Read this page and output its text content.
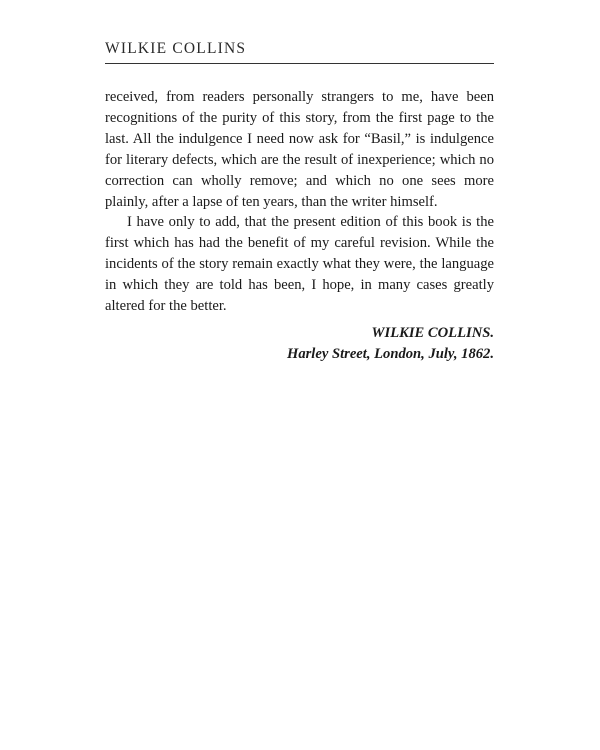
WILKIE COLLINS

received, from readers personally strangers to me, have been recognitions of the purity of this story, from the first page to the last. All the indulgence I need now ask for “Basil,” is indulgence for literary defects, which are the result of inexperience; which no correction can wholly remove; and which no one sees more plainly, after a lapse of ten years, than the writer himself.

I have only to add, that the present edition of this book is the first which has had the benefit of my careful revision. While the incidents of the story remain exactly what they were, the language in which they are told has been, I hope, in many cases greatly altered for the better.

WILKIE COLLINS.
Harley Street, London, July, 1862.
